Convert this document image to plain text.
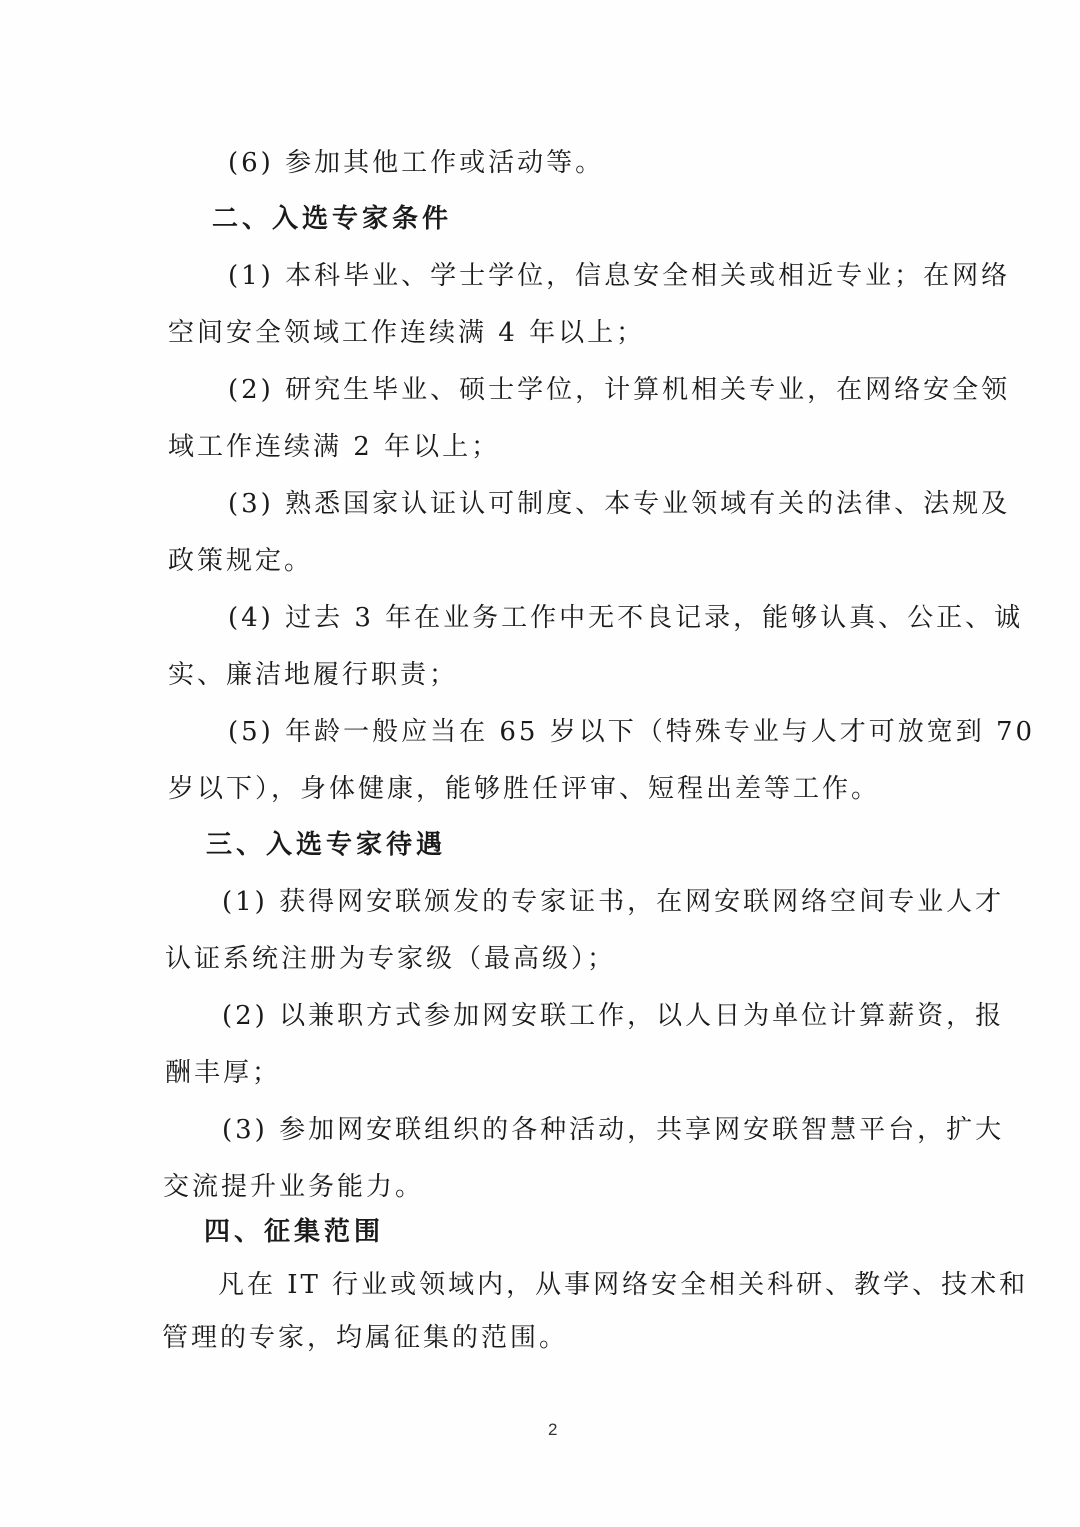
(6) 参加其他工作或活动等。
二、入选专家条件
(1) 本科毕业、学士学位，信息安全相关或相近专业；在网络
空间安全领域工作连续满 4 年以上；
(2) 研究生毕业、硕士学位，计算机相关专业，在网络安全领
域工作连续满 2 年以上；
(3) 熟悉国家认证认可制度、本专业领域有关的法律、法规及
政策规定。
(4) 过去 3 年在业务工作中无不良记录，能够认真、公正、诚
实、廉洁地履行职责；
(5) 年龄一般应当在 65 岁以下（特殊专业与人才可放宽到 70
岁以下），身体健康，能够胜任评审、短程出差等工作。
三、入选专家待遇
(1) 获得网安联颁发的专家证书，在网安联网络空间专业人才
认证系统注册为专家级（最高级）；
(2) 以兼职方式参加网安联工作，以人日为单位计算薪资，报
酬丰厚；
(3) 参加网安联组织的各种活动，共享网安联智慧平台，扩大
交流提升业务能力。
四、征集范围
凡在 IT 行业或领域内，从事网络安全相关科研、教学、技术和
管理的专家，均属征集的范围。
2
